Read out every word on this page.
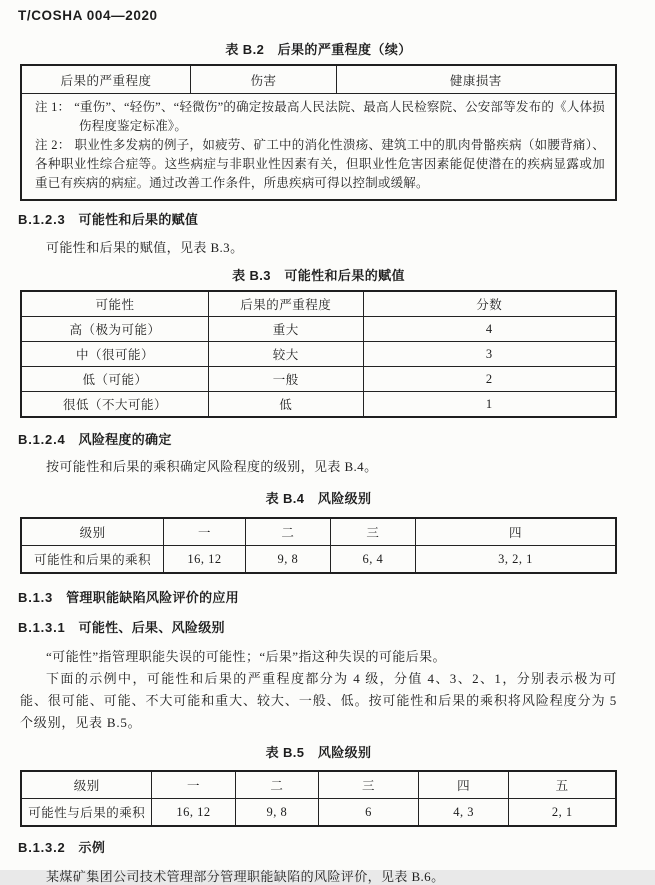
T/COSHA 004—2020
表 B.2　后果的严重程度（续）
后果的严重程度	伤害	健康损害

注 1： “重伤”、“轻伤”、“轻微伤”的确定按最高人民法院、最高人民检察院、公安部等发布的《人体损伤程度鉴定标准》。

注 2： 职业性多发病的例子，如疲劳、矿工中的消化性溃疡、建筑工中的肌肉骨骼疾病（如腰背痛）、各种职业性综合症等。这些病症与非职业性因素有关，但职业性危害因素能促使潜在的疾病显露或加重已有疾病的病症。通过改善工作条件，所患疾病可得以控制或缓解。

B.1.2.3 可能性和后果的赋值

可能性和后果的赋值，见表 B.3。

表 B.3　可能性和后果的赋值
可能性	后果的严重程度	分数
高（极为可能）	重大	4
中（很可能）	较大	3
低（可能）	一般	2
很低（不大可能）	低	1
B.1.2.4 风险程度的确定

按可能性和后果的乘积确定风险程度的级别，见表 B.4。

表 B.4　风险级别
级别	一	二	三	四
可能性和后果的乘积	16, 12	9, 8	6, 4	3, 2, 1
B.1.3 管理职能缺陷风险评价的应用
B.1.3.1 可能性、后果、风险级别

“可能性”指管理职能失误的可能性；“后果”指这种失误的可能后果。

下面的示例中，可能性和后果的严重程度都分为 4 级，分值 4、3、2、1，分别表示极为可能、很可能、可能、不大可能和重大、较大、一般、低。按可能性和后果的乘积将风险程度分为 5 个级别，见表 B.5。

表 B.5　风险级别
级别	一	二	三	四	五
可能性与后果的乘积	16, 12	9, 8	6	4, 3	2, 1
B.1.3.2 示例

某煤矿集团公司技术管理部分管理职能缺陷的风险评价，见表 B.6。
